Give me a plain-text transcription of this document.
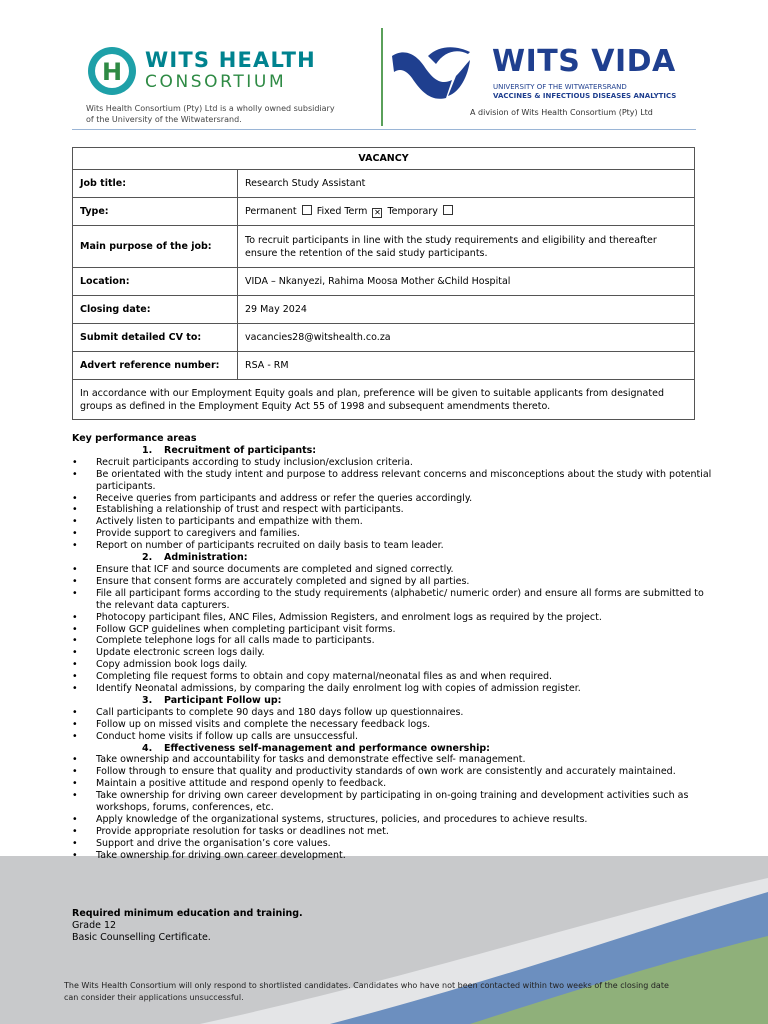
H WITS HEALTH
CONSORTIUM
Wits Health Consortium (Pty) Ltd is a wholly owned subsidiary of the University of the Witwatersrand.
WITS VIDA
UNIVERSITY OF THE WITWATERSRAND
VACCINES & INFECTIOUS DISEASES ANALYTICS
A division of Wits Health Consortium (Pty) Ltd
VACANCY	
Job title:	Research Study Assistant
Type:	Permanent Fixed Term ✕ Temporary
Main purpose of the job:	To recruit participants in line with the study requirements and eligibility and thereafter ensure the retention of the said study participants.
Location:	VIDA – Nkanyezi, Rahima Moosa Mother &Child Hospital
Closing date:	29 May 2024
Submit detailed CV to:	vacancies28@witshealth.co.za
Advert reference number:	RSA - RM
In accordance with our Employment Equity goals and plan, preference will be given to suitable applicants from designated groups as defined in the Employment Equity Act 55 of 1998 and subsequent amendments thereto.	
Key performance areas
1. Recruitment of participants:
• Recruit participants according to study inclusion/exclusion criteria.
• Be orientated with the study intent and purpose to address relevant concerns and misconceptions about the study with potential participants.
• Receive queries from participants and address or refer the queries accordingly.
• Establishing a relationship of trust and respect with participants.
• Actively listen to participants and empathize with them.
• Provide support to caregivers and families.
• Report on number of participants recruited on daily basis to team leader.
2. Administration:
• Ensure that ICF and source documents are completed and signed correctly.
• Ensure that consent forms are accurately completed and signed by all parties.
• File all participant forms according to the study requirements (alphabetic/ numeric order) and ensure all forms are submitted to the relevant data capturers.
• Photocopy participant files, ANC Files, Admission Registers, and enrolment logs as required by the project.
• Follow GCP guidelines when completing participant visit forms.
• Complete telephone logs for all calls made to participants.
• Update electronic screen logs daily.
• Copy admission book logs daily.
• Completing file request forms to obtain and copy maternal/neonatal files as and when required.
• Identify Neonatal admissions, by comparing the daily enrolment log with copies of admission register.
3. Participant Follow up:
• Call participants to complete 90 days and 180 days follow up questionnaires.
• Follow up on missed visits and complete the necessary feedback logs.
• Conduct home visits if follow up calls are unsuccessful.
4. Effectiveness self-management and performance ownership:
• Take ownership and accountability for tasks and demonstrate effective self- management.
• Follow through to ensure that quality and productivity standards of own work are consistently and accurately maintained.
• Maintain a positive attitude and respond openly to feedback.
• Take ownership for driving own career development by participating in on-going training and development activities such as workshops, forums, conferences, etc.
• Apply knowledge of the organizational systems, structures, policies, and procedures to achieve results.
• Provide appropriate resolution for tasks or deadlines not met.
• Support and drive the organisation’s core values.
• Take ownership for driving own career development.
Required minimum education and training.
Grade 12
Basic Counselling Certificate.
The Wits Health Consortium will only respond to shortlisted candidates. Candidates who have not been contacted within two weeks of the closing date can consider their applications unsuccessful.
